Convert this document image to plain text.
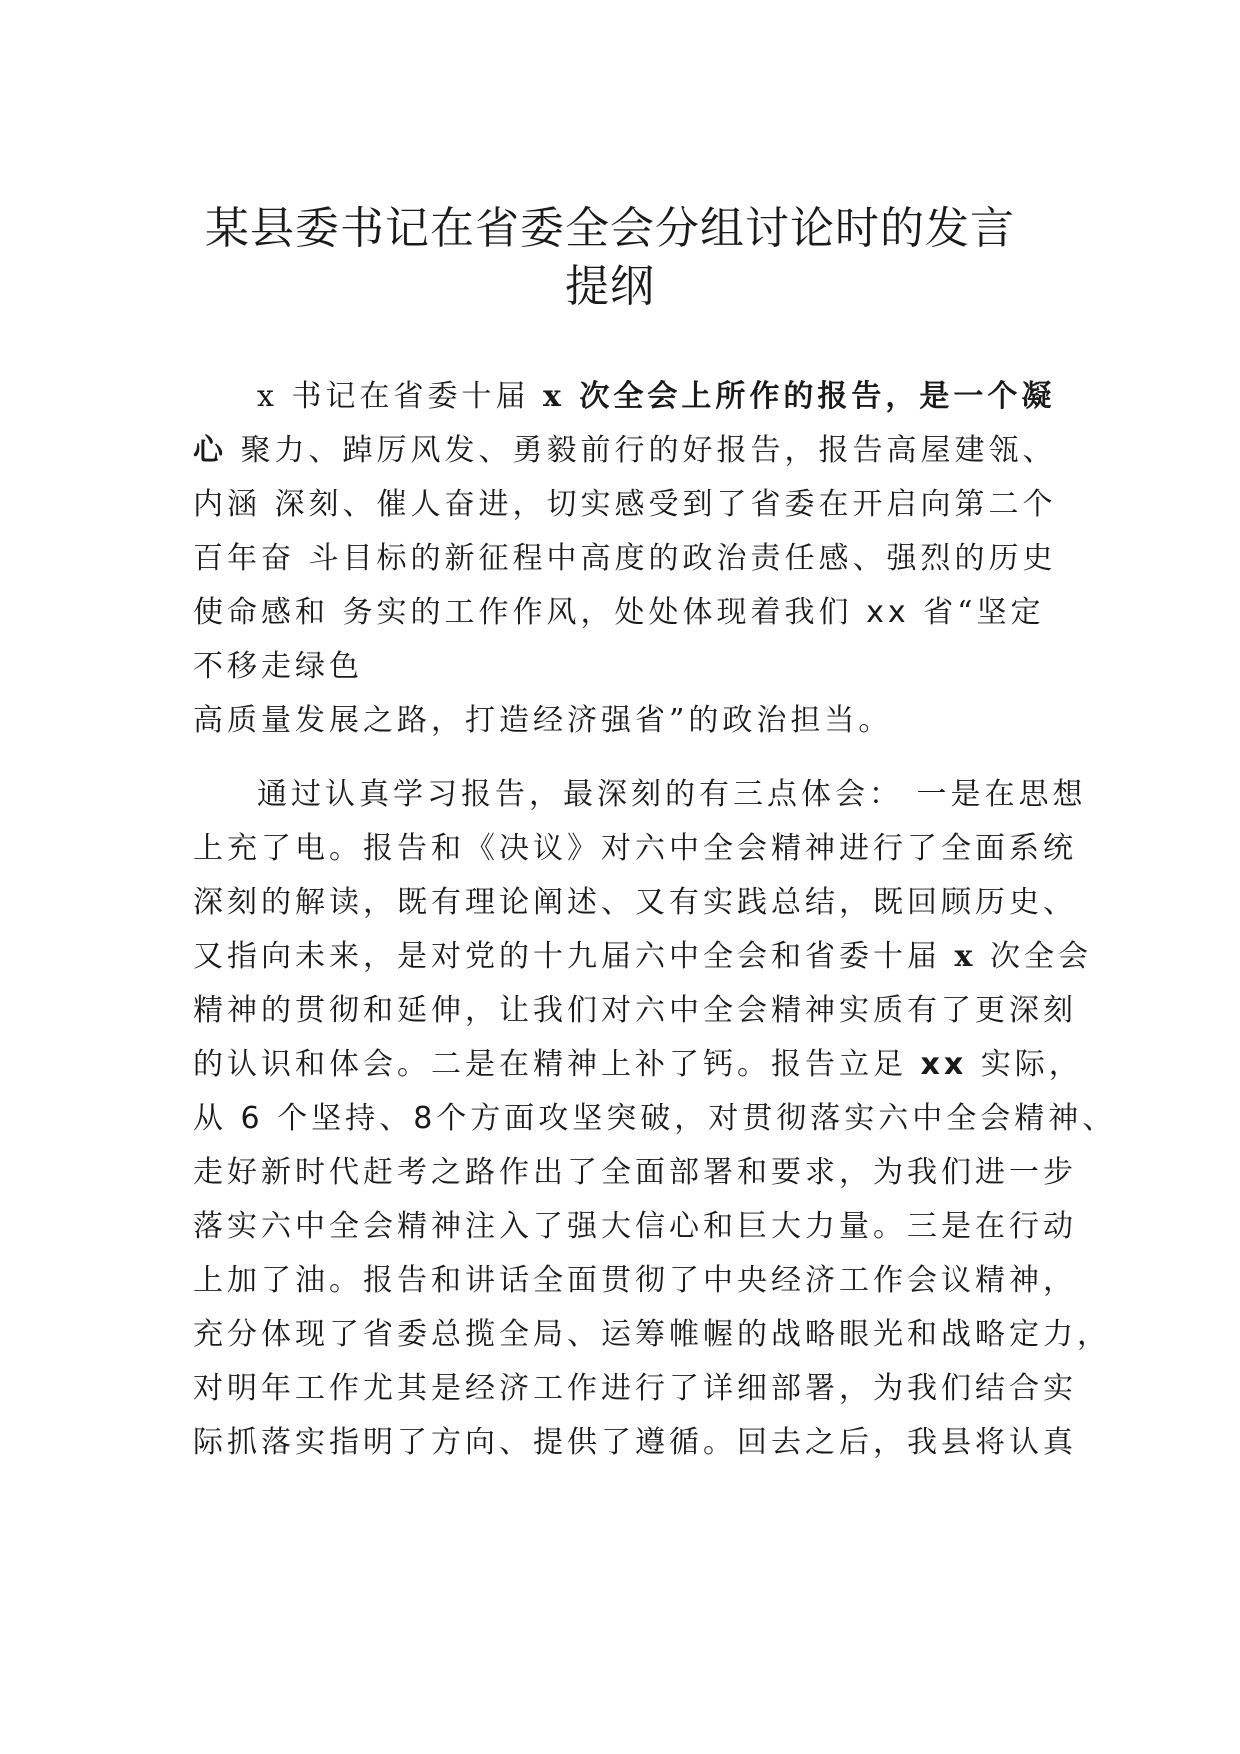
某县委书记在省委全会分组讨论时的发言
提纲
x 书记在省委十届 x 次全会上所作的报告，是一个凝
心 聚力、踔厉风发、勇毅前行的好报告，报告高屋建瓴、
内涵 深刻、催人奋进，切实感受到了省委在开启向第二个
百年奋 斗目标的新征程中高度的政治责任感、强烈的历史
使命感和 务实的工作作风，处处体现着我们 xx 省“坚定
不移走绿色
高质量发展之路，打造经济强省”的政治担当。
通过认真学习报告，最深刻的有三点体会： 一是在思想
上充了电。报告和《决议》对六中全会精神进行了全面系统
深刻的解读，既有理论阐述、又有实践总结，既回顾历史、
又指向未来，是对党的十九届六中全会和省委十届 x 次全会
精神的贯彻和延伸，让我们对六中全会精神实质有了更深刻
的认识和体会。二是在精神上补了钙。报告立足 xx 实际，
从 6 个坚持、8个方面攻坚突破，对贯彻落实六中全会精神、
走好新时代赶考之路作出了全面部署和要求，为我们进一步
落实六中全会精神注入了强大信心和巨大力量。三是在行动
上加了油。报告和讲话全面贯彻了中央经济工作会议精神，
充分体现了省委总揽全局、运筹帷幄的战略眼光和战略定力，
对明年工作尤其是经济工作进行了详细部署，为我们结合实
际抓落实指明了方向、提供了遵循。回去之后，我县将认真
